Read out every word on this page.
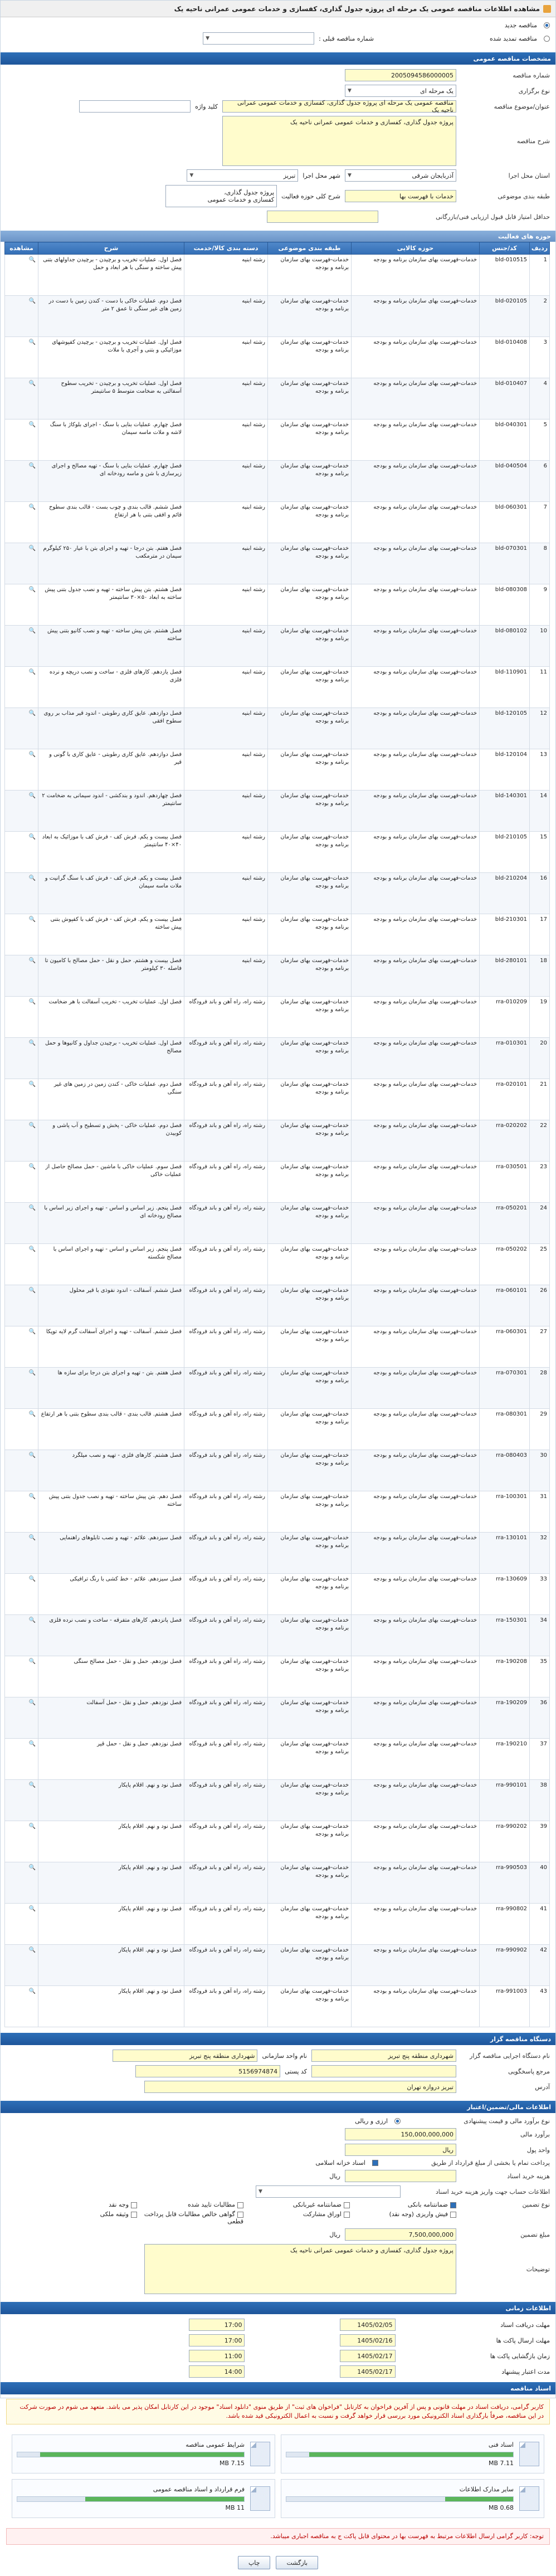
مشاهده اطلاعات مناقصه عمومی یک مرحله ای پروژه جدول گذاری، کفسازی و خدمات عمومی عمرانی ناحیه یک
مناقصه جدید
مناقصه تمدید شده
شماره مناقصه قبلی :
▼
مشخصات مناقصه عمومی
شماره مناقصه
2005094586000005
نوع برگزاری
یک مرحله ای
▼
عنوان/موضوع مناقصه
مناقصه عمومی یک مرحله ای پروژه جدول گذاری، کفسازی و خدمات عمومی عمرانی ناحیه یک
کلید واژه
شرح مناقصه
پروژه جدول گذاری، کفسازی و خدمات عمومی عمرانی ناحیه یک
استان محل اجرا
آذربایجان شرقی
▼
شهر محل اجرا
تبریز
▼
طبقه بندی موضوعی
خدمات با فهرست بها
شرح کلی حوزه فعالیت
پروژه جدول گذاری،
کفسازی و خدمات عمومی
حداقل امتیاز قابل قبول ارزیابی فنی/بازرگانی
حوزه های فعالیت
ردیف	کد/جنس	حوزه کالایی	طبقه بندی موضوعی	دسته بندی کالا/خدمت	شرح	مشاهده
1	bld-010515	خدمات-فهرست بهای سازمان برنامه و بودجه	خدمات-فهرست بهای سازمان برنامه و بودجه	رشته ابنیه	فصل اول. عملیات تخریب و برچیدن - برچیدن جداولهای بتنی پیش ساخته و سنگی با هر ابعاد و حمل	🔍
2	bld-020105	خدمات-فهرست بهای سازمان برنامه و بودجه	خدمات-فهرست بهای سازمان برنامه و بودجه	رشته ابنیه	فصل دوم. عملیات خاکی با دست - کندن زمین با دست در زمین های غیر سنگی تا عمق ۲ متر	🔍
3	bld-010408	خدمات-فهرست بهای سازمان برنامه و بودجه	خدمات-فهرست بهای سازمان برنامه و بودجه	رشته ابنیه	فصل اول. عملیات تخریب و برچیدن - برچیدن کفپوشهای موزائیکی و بتنی و آجری با ملات	🔍
4	bld-010407	خدمات-فهرست بهای سازمان برنامه و بودجه	خدمات-فهرست بهای سازمان برنامه و بودجه	رشته ابنیه	فصل اول. عملیات تخریب و برچیدن - تخریب سطوح آسفالتی به ضخامت متوسط ۵ سانتیمتر	🔍
5	bld-040301	خدمات-فهرست بهای سازمان برنامه و بودجه	خدمات-فهرست بهای سازمان برنامه و بودجه	رشته ابنیه	فصل چهارم. عملیات بنایی با سنگ - اجرای بلوکاژ با سنگ لاشه و ملات ماسه سیمان	🔍
6	bld-040504	خدمات-فهرست بهای سازمان برنامه و بودجه	خدمات-فهرست بهای سازمان برنامه و بودجه	رشته ابنیه	فصل چهارم. عملیات بنایی با سنگ - تهیه مصالح و اجرای زیرسازی با شن و ماسه رودخانه ای	🔍
7	bld-060301	خدمات-فهرست بهای سازمان برنامه و بودجه	خدمات-فهرست بهای سازمان برنامه و بودجه	رشته ابنیه	فصل ششم. قالب بندی و چوب بست - قالب بندی سطوح قائم و افقی بتنی با هر ارتفاع	🔍
8	bld-070301	خدمات-فهرست بهای سازمان برنامه و بودجه	خدمات-فهرست بهای سازمان برنامه و بودجه	رشته ابنیه	فصل هفتم. بتن درجا - تهیه و اجرای بتن با عیار ۲۵۰ کیلوگرم سیمان در مترمکعب	🔍
9	bld-080308	خدمات-فهرست بهای سازمان برنامه و بودجه	خدمات-فهرست بهای سازمان برنامه و بودجه	رشته ابنیه	فصل هشتم. بتن پیش ساخته - تهیه و نصب جدول بتنی پیش ساخته به ابعاد ۵۰×۳۰ سانتیمتر	🔍
10	bld-080102	خدمات-فهرست بهای سازمان برنامه و بودجه	خدمات-فهرست بهای سازمان برنامه و بودجه	رشته ابنیه	فصل هشتم. بتن پیش ساخته - تهیه و نصب کانیو بتنی پیش ساخته	🔍
11	bld-110901	خدمات-فهرست بهای سازمان برنامه و بودجه	خدمات-فهرست بهای سازمان برنامه و بودجه	رشته ابنیه	فصل یازدهم. کارهای فلزی - ساخت و نصب دریچه و نرده فلزی	🔍
12	bld-120105	خدمات-فهرست بهای سازمان برنامه و بودجه	خدمات-فهرست بهای سازمان برنامه و بودجه	رشته ابنیه	فصل دوازدهم. عایق کاری رطوبتی - اندود قیر مذاب بر روی سطوح افقی	🔍
13	bld-120104	خدمات-فهرست بهای سازمان برنامه و بودجه	خدمات-فهرست بهای سازمان برنامه و بودجه	رشته ابنیه	فصل دوازدهم. عایق کاری رطوبتی - عایق کاری با گونی و قیر	🔍
14	bld-140301	خدمات-فهرست بهای سازمان برنامه و بودجه	خدمات-فهرست بهای سازمان برنامه و بودجه	رشته ابنیه	فصل چهاردهم. اندود و بندکشی - اندود سیمانی به ضخامت ۲ سانتیمتر	🔍
15	bld-210105	خدمات-فهرست بهای سازمان برنامه و بودجه	خدمات-فهرست بهای سازمان برنامه و بودجه	رشته ابنیه	فصل بیست و یکم. فرش کف - فرش کف با موزائیک به ابعاد ۴۰×۴۰ سانتیمتر	🔍
16	bld-210204	خدمات-فهرست بهای سازمان برنامه و بودجه	خدمات-فهرست بهای سازمان برنامه و بودجه	رشته ابنیه	فصل بیست و یکم. فرش کف - فرش کف با سنگ گرانیت و ملات ماسه سیمان	🔍
17	bld-210301	خدمات-فهرست بهای سازمان برنامه و بودجه	خدمات-فهرست بهای سازمان برنامه و بودجه	رشته ابنیه	فصل بیست و یکم. فرش کف - فرش کف با کفپوش بتنی پیش ساخته	🔍
18	bld-280101	خدمات-فهرست بهای سازمان برنامه و بودجه	خدمات-فهرست بهای سازمان برنامه و بودجه	رشته ابنیه	فصل بیست و هشتم. حمل و نقل - حمل مصالح با کامیون تا فاصله ۳۰ کیلومتر	🔍
19	rra-010209	خدمات-فهرست بهای سازمان برنامه و بودجه	خدمات-فهرست بهای سازمان برنامه و بودجه	رشته راه، راه آهن و باند فرودگاه	فصل اول. عملیات تخریب - تخریب آسفالت با هر ضخامت	🔍
20	rra-010301	خدمات-فهرست بهای سازمان برنامه و بودجه	خدمات-فهرست بهای سازمان برنامه و بودجه	رشته راه، راه آهن و باند فرودگاه	فصل اول. عملیات تخریب - برچیدن جداول و کانیوها و حمل مصالح	🔍
21	rra-020101	خدمات-فهرست بهای سازمان برنامه و بودجه	خدمات-فهرست بهای سازمان برنامه و بودجه	رشته راه، راه آهن و باند فرودگاه	فصل دوم. عملیات خاکی - کندن زمین در زمین های غیر سنگی	🔍
22	rra-020202	خدمات-فهرست بهای سازمان برنامه و بودجه	خدمات-فهرست بهای سازمان برنامه و بودجه	رشته راه، راه آهن و باند فرودگاه	فصل دوم. عملیات خاکی - پخش و تسطیح و آب پاشی و کوبیدن	🔍
23	rra-030501	خدمات-فهرست بهای سازمان برنامه و بودجه	خدمات-فهرست بهای سازمان برنامه و بودجه	رشته راه، راه آهن و باند فرودگاه	فصل سوم. عملیات خاکی با ماشین - حمل مصالح حاصل از عملیات خاکی	🔍
24	rra-050201	خدمات-فهرست بهای سازمان برنامه و بودجه	خدمات-فهرست بهای سازمان برنامه و بودجه	رشته راه، راه آهن و باند فرودگاه	فصل پنجم. زیر اساس و اساس - تهیه و اجرای زیر اساس با مصالح رودخانه ای	🔍
25	rra-050202	خدمات-فهرست بهای سازمان برنامه و بودجه	خدمات-فهرست بهای سازمان برنامه و بودجه	رشته راه، راه آهن و باند فرودگاه	فصل پنجم. زیر اساس و اساس - تهیه و اجرای اساس با مصالح شکسته	🔍
26	rra-060101	خدمات-فهرست بهای سازمان برنامه و بودجه	خدمات-فهرست بهای سازمان برنامه و بودجه	رشته راه، راه آهن و باند فرودگاه	فصل ششم. آسفالت - اندود نفوذی با قیر محلول	🔍
27	rra-060301	خدمات-فهرست بهای سازمان برنامه و بودجه	خدمات-فهرست بهای سازمان برنامه و بودجه	رشته راه، راه آهن و باند فرودگاه	فصل ششم. آسفالت - تهیه و اجرای آسفالت گرم لایه توپکا	🔍
28	rra-070301	خدمات-فهرست بهای سازمان برنامه و بودجه	خدمات-فهرست بهای سازمان برنامه و بودجه	رشته راه، راه آهن و باند فرودگاه	فصل هفتم. بتن - تهیه و اجرای بتن درجا برای سازه ها	🔍
29	rra-080301	خدمات-فهرست بهای سازمان برنامه و بودجه	خدمات-فهرست بهای سازمان برنامه و بودجه	رشته راه، راه آهن و باند فرودگاه	فصل هشتم. قالب بندی - قالب بندی سطوح بتنی با هر ارتفاع	🔍
30	rra-080403	خدمات-فهرست بهای سازمان برنامه و بودجه	خدمات-فهرست بهای سازمان برنامه و بودجه	رشته راه، راه آهن و باند فرودگاه	فصل هشتم. کارهای فلزی - تهیه و نصب میلگرد	🔍
31	rra-100301	خدمات-فهرست بهای سازمان برنامه و بودجه	خدمات-فهرست بهای سازمان برنامه و بودجه	رشته راه، راه آهن و باند فرودگاه	فصل دهم. بتن پیش ساخته - تهیه و نصب جدول بتنی پیش ساخته	🔍
32	rra-130101	خدمات-فهرست بهای سازمان برنامه و بودجه	خدمات-فهرست بهای سازمان برنامه و بودجه	رشته راه، راه آهن و باند فرودگاه	فصل سیزدهم. علائم - تهیه و نصب تابلوهای راهنمایی	🔍
33	rra-130609	خدمات-فهرست بهای سازمان برنامه و بودجه	خدمات-فهرست بهای سازمان برنامه و بودجه	رشته راه، راه آهن و باند فرودگاه	فصل سیزدهم. علائم - خط کشی با رنگ ترافیکی	🔍
34	rra-150301	خدمات-فهرست بهای سازمان برنامه و بودجه	خدمات-فهرست بهای سازمان برنامه و بودجه	رشته راه، راه آهن و باند فرودگاه	فصل پانزدهم. کارهای متفرقه - ساخت و نصب نرده فلزی	🔍
35	rra-190208	خدمات-فهرست بهای سازمان برنامه و بودجه	خدمات-فهرست بهای سازمان برنامه و بودجه	رشته راه، راه آهن و باند فرودگاه	فصل نوزدهم. حمل و نقل - حمل مصالح سنگی	🔍
36	rra-190209	خدمات-فهرست بهای سازمان برنامه و بودجه	خدمات-فهرست بهای سازمان برنامه و بودجه	رشته راه، راه آهن و باند فرودگاه	فصل نوزدهم. حمل و نقل - حمل آسفالت	🔍
37	rra-190210	خدمات-فهرست بهای سازمان برنامه و بودجه	خدمات-فهرست بهای سازمان برنامه و بودجه	رشته راه، راه آهن و باند فرودگاه	فصل نوزدهم. حمل و نقل - حمل قیر	🔍
38	rra-990101	خدمات-فهرست بهای سازمان برنامه و بودجه	خدمات-فهرست بهای سازمان برنامه و بودجه	رشته راه، راه آهن و باند فرودگاه	فصل نود و نهم. اقلام پایکار	🔍
39	rra-990202	خدمات-فهرست بهای سازمان برنامه و بودجه	خدمات-فهرست بهای سازمان برنامه و بودجه	رشته راه، راه آهن و باند فرودگاه	فصل نود و نهم. اقلام پایکار	🔍
40	rra-990503	خدمات-فهرست بهای سازمان برنامه و بودجه	خدمات-فهرست بهای سازمان برنامه و بودجه	رشته راه، راه آهن و باند فرودگاه	فصل نود و نهم. اقلام پایکار	🔍
41	rra-990802	خدمات-فهرست بهای سازمان برنامه و بودجه	خدمات-فهرست بهای سازمان برنامه و بودجه	رشته راه، راه آهن و باند فرودگاه	فصل نود و نهم. اقلام پایکار	🔍
42	rra-990902	خدمات-فهرست بهای سازمان برنامه و بودجه	خدمات-فهرست بهای سازمان برنامه و بودجه	رشته راه، راه آهن و باند فرودگاه	فصل نود و نهم. اقلام پایکار	🔍
43	rra-991003	خدمات-فهرست بهای سازمان برنامه و بودجه	خدمات-فهرست بهای سازمان برنامه و بودجه	رشته راه، راه آهن و باند فرودگاه	فصل نود و نهم. اقلام پایکار	🔍
دستگاه مناقصه گزار
نام دستگاه اجرایی مناقصه گزار
شهرداری منطقه پنج تبریز
نام واحد سازمانی
شهرداری منطقه پنج تبریز
مرجع پاسخگویی
کد پستی
5156974874
آدرس
تبریز دروازه تهران
اطلاعات مالی/تضمین/اعتبار
نوع برآورد مالی و قیمت پیشنهادی
ارزی و ریالی
برآورد مالی
150,000,000,000
واحد پول
ریال
پرداخت تمام یا بخشی از مبلغ قرارداد از طریق
اسناد خزانه اسلامی
هزینه خرید اسناد
ریال
اطلاعات حساب جهت واریز هزینه خرید اسناد
▼
نوع تضمین
ضمانتنامه بانکی
ضمانتنامه غیربانکی
مطالبات تایید شده
وجه نقد
فیش واریزی (وجه نقد)
اوراق مشارکت
گواهی خالص مطالبات قابل پرداخت قطعی
وثیقه ملکی
مبلغ تضمین
7,500,000,000
ریال
توضیحات
پروژه جدول گذاری، کفسازی و خدمات عمومی عمرانی ناحیه یک
اطلاعات زمانی
مهلت دریافت اسناد
1405/02/05
17:00
مهلت ارسال پاکت ها
1405/02/16
17:00
زمان بازگشایی پاکت ها
1405/02/17
11:00
مدت اعتبار پیشنهاد
1405/02/17
14:00
اسناد مناقصه
کاربر گرامی، دریافت اسناد در مهلت قانونی و پس از آفرین فراخوان به کارتابل "فراخوان های ثبت" از طریق منوی "دانلود اسناد" موجود در این کارتابل امکان پذیر می باشد. متعهد می شوم در صورت شرکت در این مناقصه، صرفاً بارگذاری اسناد الکترونیکی مورد بررسی قرار خواهد گرفت و نسبت به اعمال الکترونیکی قید شده باشد.
اسناد فنی
7.11 MB
شرایط عمومی مناقصه
7.15 MB
سایر مدارک اطلاعات
0.68 MB
فرم قرارداد و اسناد مناقصه عمومی
11 MB
توجه: کاربر گرامی ارسال اطلاعات مرتبط به فهرست بها در محتوای قابل پاکت ج به مناقصه اجباری میباشد.
بازگشت
چاپ
